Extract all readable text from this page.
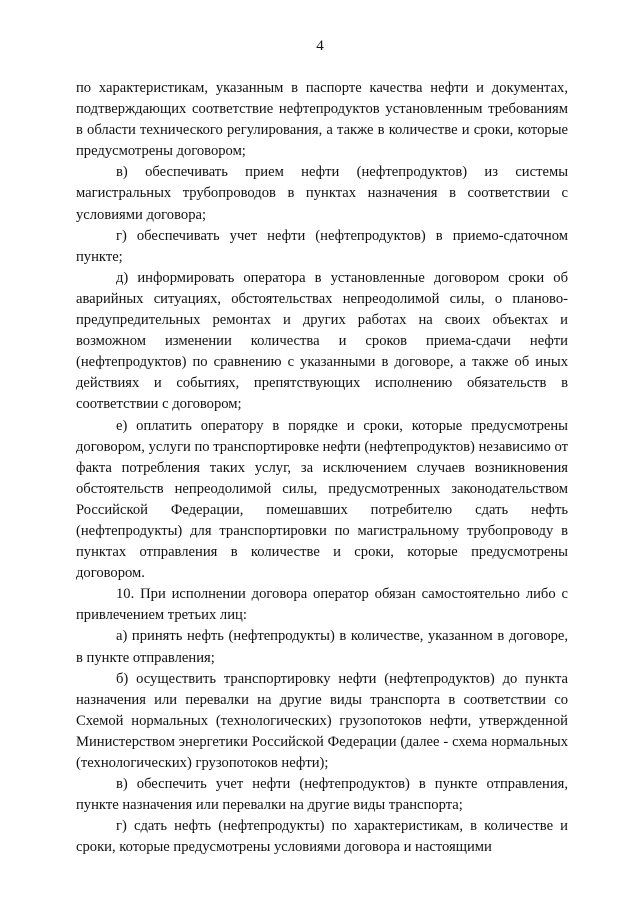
4

по характеристикам, указанным в паспорте качества нефти и документах, подтверждающих соответствие нефтепродуктов установленным требованиям в области технического регулирования, а также в количестве и сроки, которые предусмотрены договором;

в) обеспечивать прием нефти (нефтепродуктов) из системы магистральных трубопроводов в пунктах назначения в соответствии с условиями договора;

г) обеспечивать учет нефти (нефтепродуктов) в приемо-сдаточном пункте;

д) информировать оператора в установленные договором сроки об аварийных ситуациях, обстоятельствах непреодолимой силы, о планово-предупредительных ремонтах и других работах на своих объектах и возможном изменении количества и сроков приема-сдачи нефти (нефтепродуктов) по сравнению с указанными в договоре, а также об иных действиях и событиях, препятствующих исполнению обязательств в соответствии с договором;

е) оплатить оператору в порядке и сроки, которые предусмотрены договором, услуги по транспортировке нефти (нефтепродуктов) независимо от факта потребления таких услуг, за исключением случаев возникновения обстоятельств непреодолимой силы, предусмотренных законодательством Российской Федерации, помешавших потребителю сдать нефть (нефтепродукты) для транспортировки по магистральному трубопроводу в пунктах отправления в количестве и сроки, которые предусмотрены договором.

10. При исполнении договора оператор обязан самостоятельно либо с привлечением третьих лиц:

а) принять нефть (нефтепродукты) в количестве, указанном в договоре, в пункте отправления;

б) осуществить транспортировку нефти (нефтепродуктов) до пункта назначения или перевалки на другие виды транспорта в соответствии со Схемой нормальных (технологических) грузопотоков нефти, утвержденной Министерством энергетики Российской Федерации (далее - схема нормальных (технологических) грузопотоков нефти);

в) обеспечить учет нефти (нефтепродуктов) в пункте отправления, пункте назначения или перевалки на другие виды транспорта;

г) сдать нефть (нефтепродукты) по характеристикам, в количестве и сроки, которые предусмотрены условиями договора и настоящими
